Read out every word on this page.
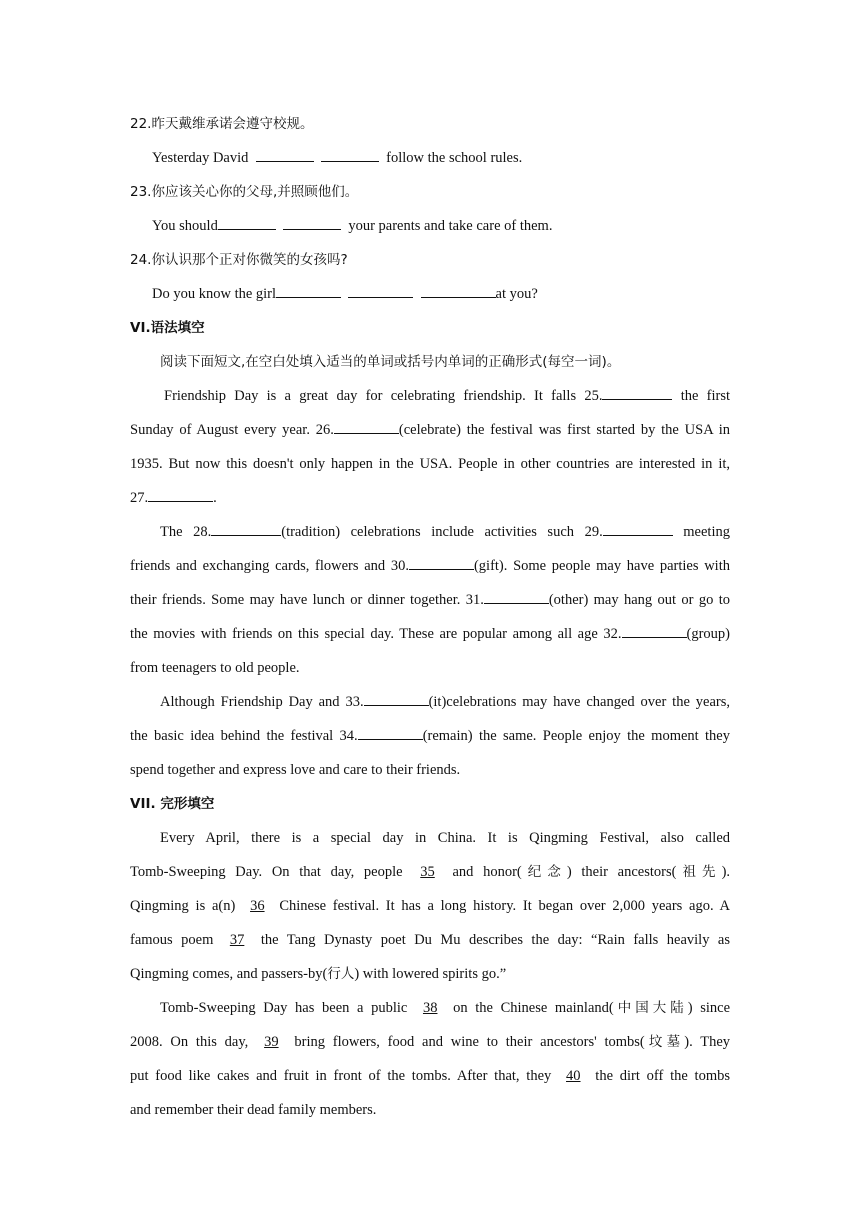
22.昨天戴维承诺会遵守校规。
Yesterday David	follow the school rules.
23.你应该关心你的父母,并照顾他们。
You should	your parents and take care of them.
24.你认识那个正对你微笑的女孩吗?
Do you know the girl	at you?
VI.语法填空
阅读下面短文,在空白处填入适当的单词或括号内单词的正确形式(每空一词)。
Friendship Day is a great day for celebrating friendship. It falls 25.	the first
Sunday of August every year. 26.	(celebrate) the festival was first started by the USA in
1935. But now this doesn't only happen in the USA. People in other countries are interested in it,
27.	.
The 28.	(tradition) celebrations include activities such 29.	meeting
friends and exchanging cards, flowers and 30.	(gift). Some people may have parties with
their friends. Some may have lunch or dinner together. 31.	(other) may hang out or go to
the movies with friends on this special day. These are popular among all age 32.	(group)
from teenagers to old people.
Although Friendship Day and 33.	(it)celebrations may have changed over the years,
the basic idea behind the festival 34.	(remain) the same. People enjoy the moment they
spend together and express love and care to their friends.
VII. 完形填空
Every April, there is a special day in China. It is Qingming Festival, also called
Tomb-Sweeping Day. On that day, people 35 and honor(纪念) their ancestors(祖先).
Qingming is a(n) 36 Chinese festival. It has a long history. It began over 2,000 years ago. A
famous poem 37 the Tang Dynasty poet Du Mu describes the day: “Rain falls heavily as
Qingming comes, and passers-by(行人) with lowered spirits go.”
Tomb-Sweeping Day has been a public 38 on the Chinese mainland(中国大陆) since
2008. On this day, 39 bring flowers, food and wine to their ancestors' tombs(坟墓). They
put food like cakes and fruit in front of the tombs. After that, they 40 the dirt off the tombs
and remember their dead family members.
